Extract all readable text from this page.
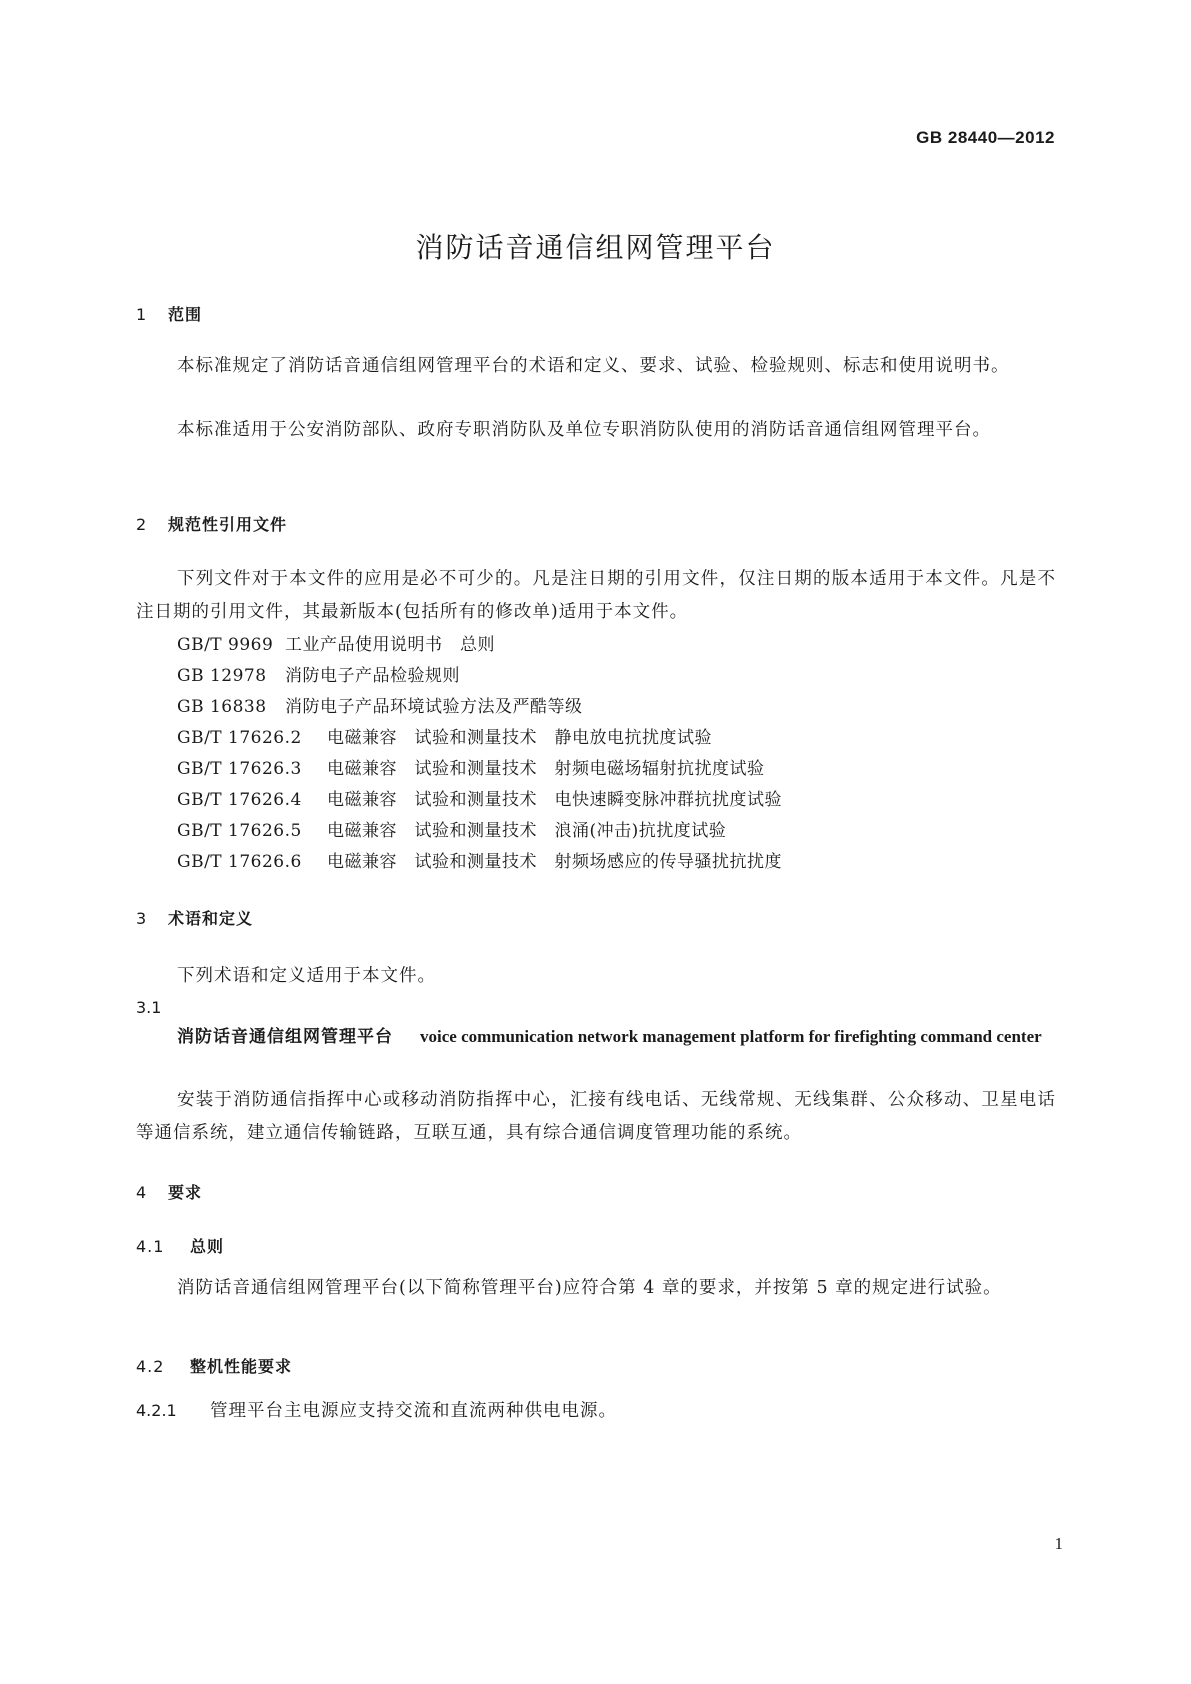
GB 28440—2012
消防话音通信组网管理平台
1 范围
本标准规定了消防话音通信组网管理平台的术语和定义、要求、试验、检验规则、标志和使用说明书。
本标准适用于公安消防部队、政府专职消防队及单位专职消防队使用的消防话音通信组网管理平台。
2 规范性引用文件
下列文件对于本文件的应用是必不可少的。凡是注日期的引用文件，仅注日期的版本适用于本文件。凡是不注日期的引用文件，其最新版本(包括所有的修改单)适用于本文件。
GB/T 9969 工业产品使用说明书　总则
GB 12978 消防电子产品检验规则
GB 16838 消防电子产品环境试验方法及严酷等级
GB/T 17626.2 电磁兼容　试验和测量技术　静电放电抗扰度试验
GB/T 17626.3 电磁兼容　试验和测量技术　射频电磁场辐射抗扰度试验
GB/T 17626.4 电磁兼容　试验和测量技术　电快速瞬变脉冲群抗扰度试验
GB/T 17626.5 电磁兼容　试验和测量技术　浪涌(冲击)抗扰度试验
GB/T 17626.6 电磁兼容　试验和测量技术　射频场感应的传导骚扰抗扰度
3 术语和定义
下列术语和定义适用于本文件。
3.1
消防话音通信组网管理平台 voice communication network management platform for firefighting command center
安装于消防通信指挥中心或移动消防指挥中心，汇接有线电话、无线常规、无线集群、公众移动、卫星电话等通信系统，建立通信传输链路，互联互通，具有综合通信调度管理功能的系统。
4 要求
4.1 总则
消防话音通信组网管理平台(以下简称管理平台)应符合第 4 章的要求，并按第 5 章的规定进行试验。
4.2 整机性能要求
4.2.1 管理平台主电源应支持交流和直流两种供电电源。
1
